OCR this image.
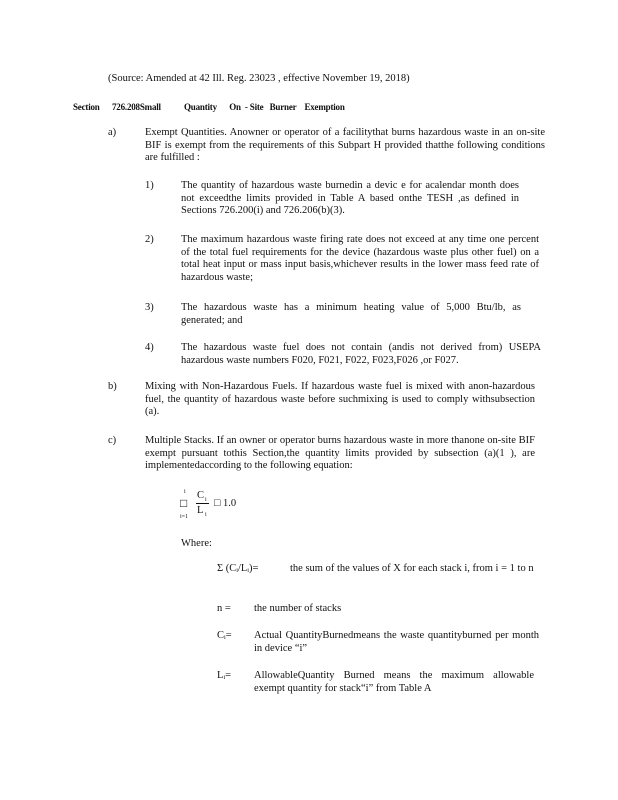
(Source: Amended at 42 Ill. Reg. 23023 , effective November 19, 2018)
Section 726.208Small	Quantity      On  - Site   Burner    Exemption
a)	Exempt Quantities. Anowner or operator of a facilitythat burns hazardous waste in an on-site BIF is exempt from the requirements of this Subpart H provided thatthe following conditions are fulfilled :
1)	The quantity of hazardous waste burnedin a devic e for acalendar month does not exceedthe limits provided in Table A based onthe TESH ,as defined in Sections 726.200(i) and 726.206(b)(3).
2)	The maximum hazardous waste firing rate does not exceed at any time one percent of the total fuel requirements for the device (hazardous waste plus other fuel) on a total heat input or mass input basis,whichever results in the lower mass feed rate of hazardous waste;
3)	The hazardous waste has a minimum heating value of 5,000 Btu/lb, as generated; and
4)	The hazardous waste fuel does not contain (andis not derived from) USEPA hazardous waste numbers F020, F021, F022, F023,F026 ,or F027.
b)	Mixing with Non-Hazardous Fuels. If hazardous waste fuel is mixed with anon-hazardous fuel, the quantity of hazardous waste before suchmixing is used to comply withsubsection (a).
c)	Multiple Stacks. If an owner or operator burns hazardous waste in more thanone on-site BIF exempt pursuant tothis Section,the quantity limits provided by subsection (a)(1 ), are implementedaccording to the following equation:
i
□
i=1
C i
L i
□ 1.0
Where:
Σ (Cᵢ/Lᵢ)=	the sum of the values of X for each stack i, from i = 1 to n
n = the number of stacks
Cᵢ= Actual QuantityBurnedmeans the waste quantityburned per month in device “i”
Lᵢ= AllowableQuantity Burned means the maximum allowable exempt quantity for stack“i” from Table A
